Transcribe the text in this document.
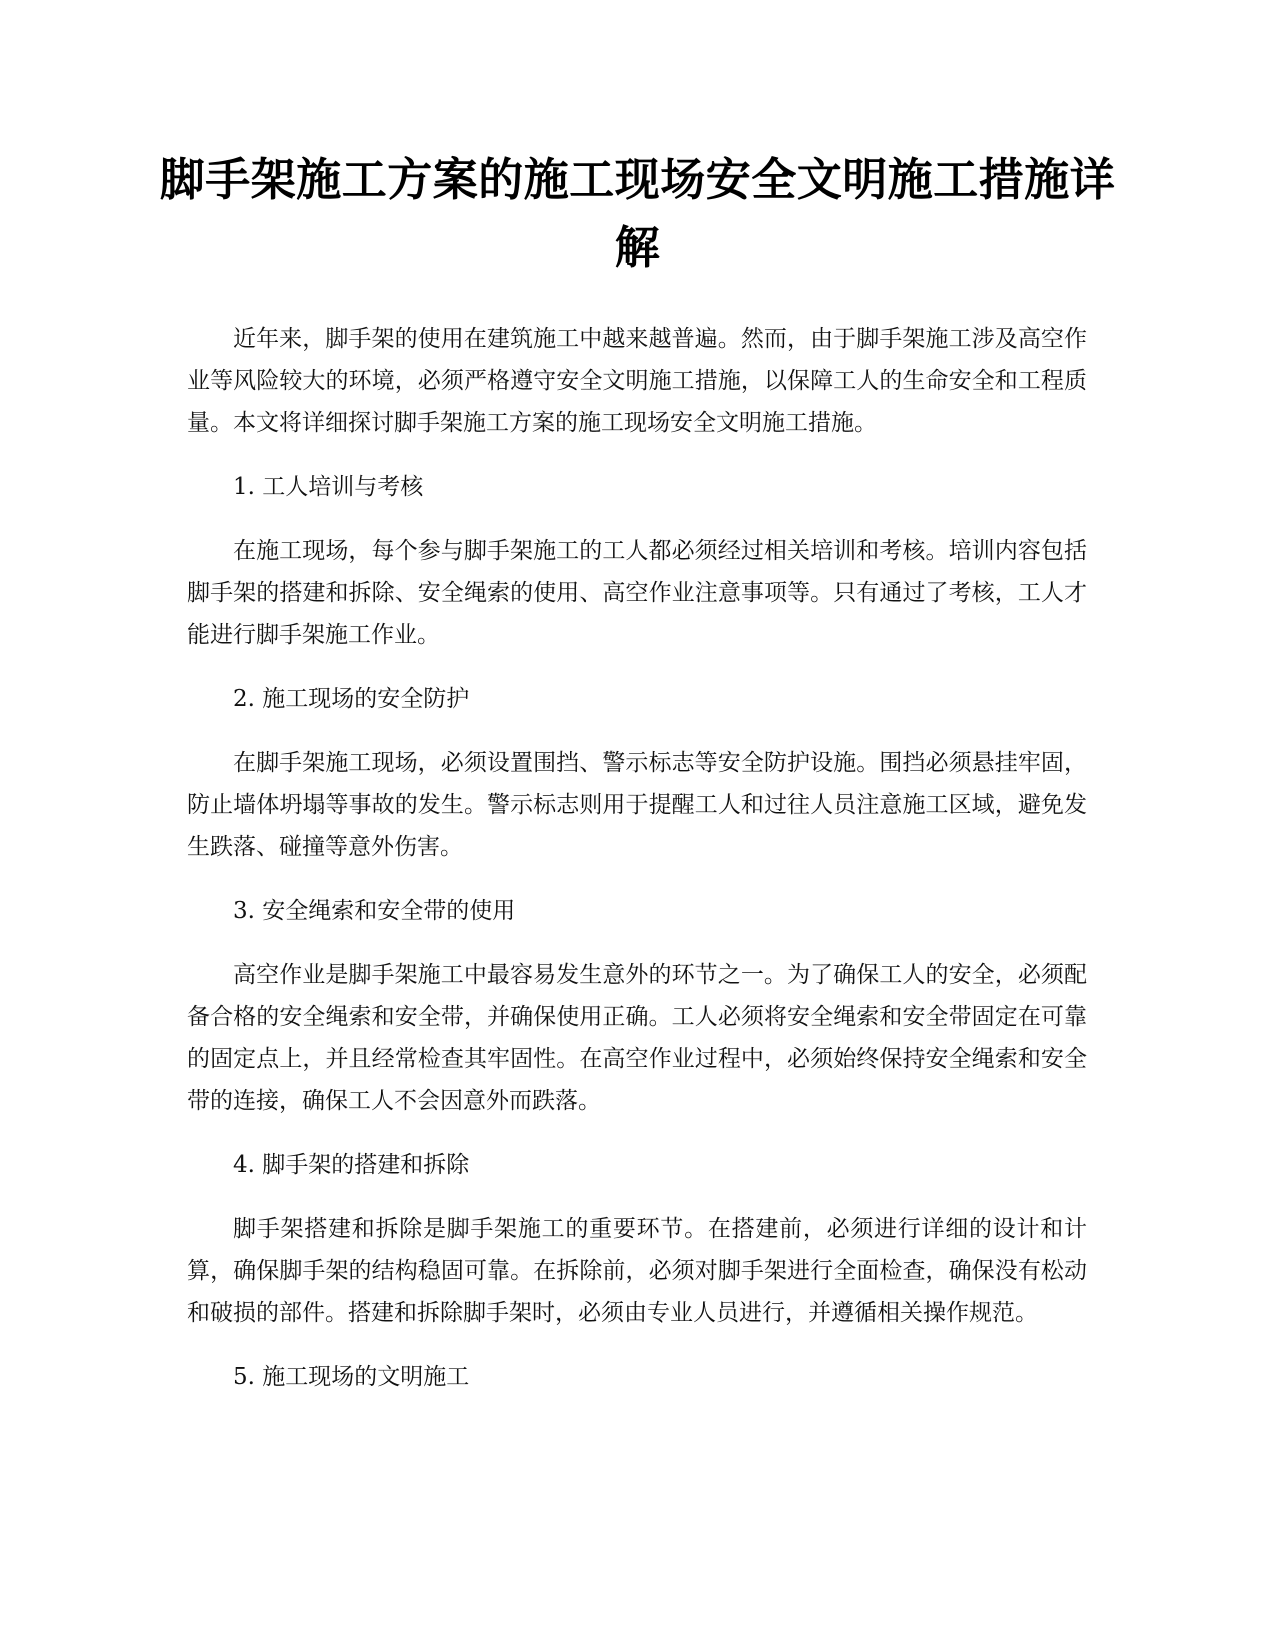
脚手架施工方案的施工现场安全文明施工措施详解

近年来，脚手架的使用在建筑施工中越来越普遍。然而，由于脚手架施工涉及高空作业等风险较大的环境，必须严格遵守安全文明施工措施，以保障工人的生命安全和工程质量。本文将详细探讨脚手架施工方案的施工现场安全文明施工措施。

1. 工人培训与考核

在施工现场，每个参与脚手架施工的工人都必须经过相关培训和考核。培训内容包括脚手架的搭建和拆除、安全绳索的使用、高空作业注意事项等。只有通过了考核，工人才能进行脚手架施工作业。

2. 施工现场的安全防护

在脚手架施工现场，必须设置围挡、警示标志等安全防护设施。围挡必须悬挂牢固，防止墙体坍塌等事故的发生。警示标志则用于提醒工人和过往人员注意施工区域，避免发生跌落、碰撞等意外伤害。

3. 安全绳索和安全带的使用

高空作业是脚手架施工中最容易发生意外的环节之一。为了确保工人的安全，必须配备合格的安全绳索和安全带，并确保使用正确。工人必须将安全绳索和安全带固定在可靠的固定点上，并且经常检查其牢固性。在高空作业过程中，必须始终保持安全绳索和安全带的连接，确保工人不会因意外而跌落。

4. 脚手架的搭建和拆除

脚手架搭建和拆除是脚手架施工的重要环节。在搭建前，必须进行详细的设计和计算，确保脚手架的结构稳固可靠。在拆除前，必须对脚手架进行全面检查，确保没有松动和破损的部件。搭建和拆除脚手架时，必须由专业人员进行，并遵循相关操作规范。

5. 施工现场的文明施工
